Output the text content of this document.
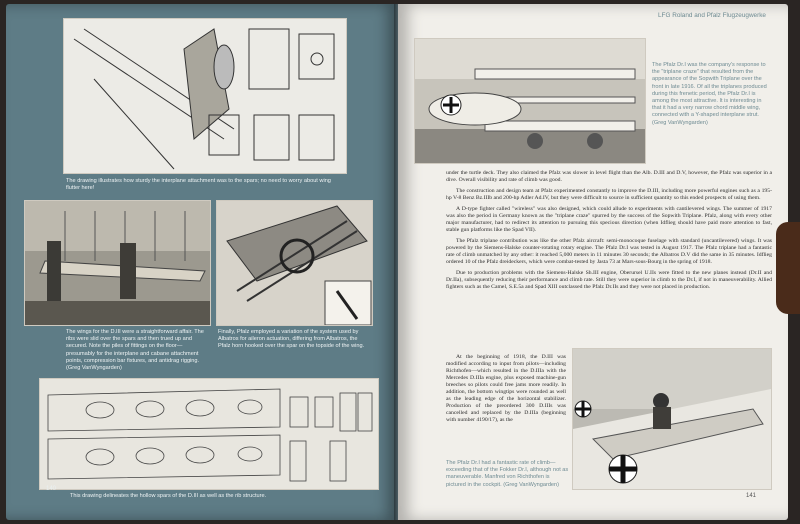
The drawing illustrates how sturdy the interplane attachment was to the spars; no need to worry about wing flutter here!
The wings for the D.III were a straightforward affair. The ribs were slid over the spars and then trued up and secured. Note the piles of fittings on the floor—presumably for the interplane and cabane attachment points, compression bar fixtures, and antidrag rigging. (Greg VanWyngarden)
Finally, Pfalz employed a variation of the system used by Albatros for aileron actuation, differing from Albatros, the Pfalz horn hooked over the spar on the topside of the wing.
140
This drawing delineates the hollow spars of the D.III as well as the rib structure.
LFG Roland and Pfalz Flugzeugwerke
The Pfalz Dr.I was the company's response to the "triplane craze" that resulted from the appearance of the Sopwith Triplane over the front in late 1916. Of all the triplanes produced during this frenetic period, the Pfalz Dr.I is among the most attractive. It is interesting in that it had a very narrow chord middle wing, connected with a Y-shaped interplane strut. (Greg VanWyngarden)

under the turtle deck. They also claimed the Pfalz was slower in level flight than the Alb. D.III and D.V, however, the Pfalz was superior in a dive. Overall visibility and rate of climb was good.

The construction and design team at Pfalz experimented constantly to improve the D.III, including more powerful engines such as a 195-hp V-8 Benz Bz.IIIb and 200-hp Adler Ad.IV, but they were difficult to source in sufficient quantity so this ended prospects of using them.

A D-type fighter called "wireless" was also designed, which could allude to experiments with cantilevered wings. The summer of 1917 was also the period in Germany known as the "triplane craze" spurred by the success of the Sopwith Triplane. Pfalz, along with every other major manufacturer, had to redirect its attention to pursuing this specious direction (when Idflieg should have paid more attention to fast, stable gun platforms like the Spad VII).

The Pfalz triplane contribution was like the other Pfalz aircraft: semi-monocoque fuselage with standard (uncantilevered) wings. It was powered by the Siemens-Halske counter-rotating rotary engine. The Pfalz Dr.I was tested in August 1917. The Pfalz triplane had a fantastic rate of climb unmatched by any other: it reached 5,000 meters in 11 minutes 30 seconds; the Albatros D.V did the same in 35 minutes. Idflieg ordered 10 of the Pfalz dreideckers, which were combat-tested by Jasta 73 at Mars-sous-Bourg in the spring of 1918.

Due to production problems with the Siemens-Halske Sh.III engine, Oberursel U.IIs were fitted to the new planes instead (Dr.II and Dr.IIa), subsequently reducing their performance and climb rate. Still they were superior in climb to the Dr.I, if not in maneuverability. Allied fighters such as the Camel, S.E.5a and Spad XIII outclassed the Pfalz Dr.IIs and they were not placed in production.

At the beginning of 1918, the D.III was modified according to input from pilots—including Richthofen—which resulted in the D.IIIa with the Mercedes D.IIIa engine, plus exposed machine-gun breeches so pilots could free jams more readily. In addition, the bottom wingtips were rounded as well as the leading edge of the horizontal stabilizer. Production of the preordered 300 D.IIIs was cancelled and replaced by the D.IIIa (beginning with number 4190/17), as the

The Pfalz Dr.I had a fantastic rate of climb—exceeding that of the Fokker Dr.I, although not as maneuverable. Manfred von Richthofen is pictured in the cockpit. (Greg VanWyngarden)
141
